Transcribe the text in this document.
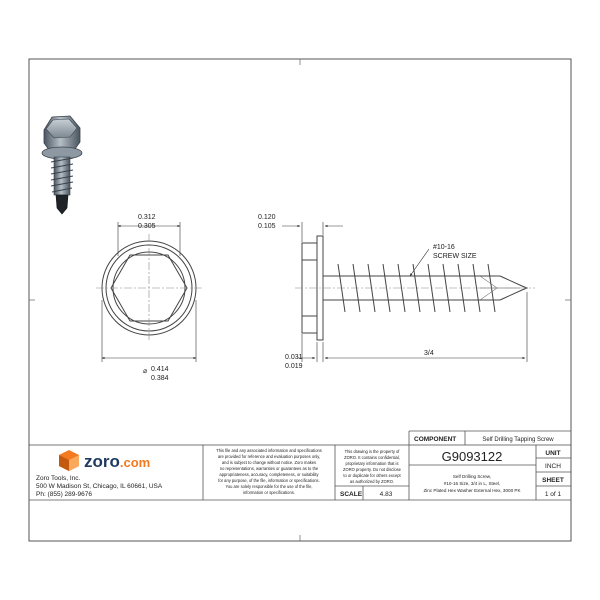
0.312
0.305
⌀ 0.414
0.384
0.120
0.105
0.031
0.019
3/4
#10-16
SCREW SIZE
zoro.com
Zoro Tools, Inc.
500 W Madison St, Chicago, IL 60661, USA
Ph: (855) 289-9676
This file and any associated information and specifications
are provided for reference and evaluation purposes only,
and is subject to change without notice. Zoro makes
no representations, warranties or guarantees as to the
appropriateness, accuracy, completeness, or suitability
for any purpose, of the file, information or specifications.
You are solely responsible for the use of the file,
information or specifications.
This drawing is the property of
ZORO. It contains confidential,
proprietary information that is
ZORO property. Do not disclose
to or duplicate for others except
as authorized by ZORO.
COMPONENT	Self Drilling Tapping Screw
G9093122
Self Drilling Screw,
#10-16 Size, 3/4 in L, Steel,
Zinc Plated Hex Washer External Hex, 3000 PK
SCALE	4.83
UNIT
INCH
SHEET
1 of 1
